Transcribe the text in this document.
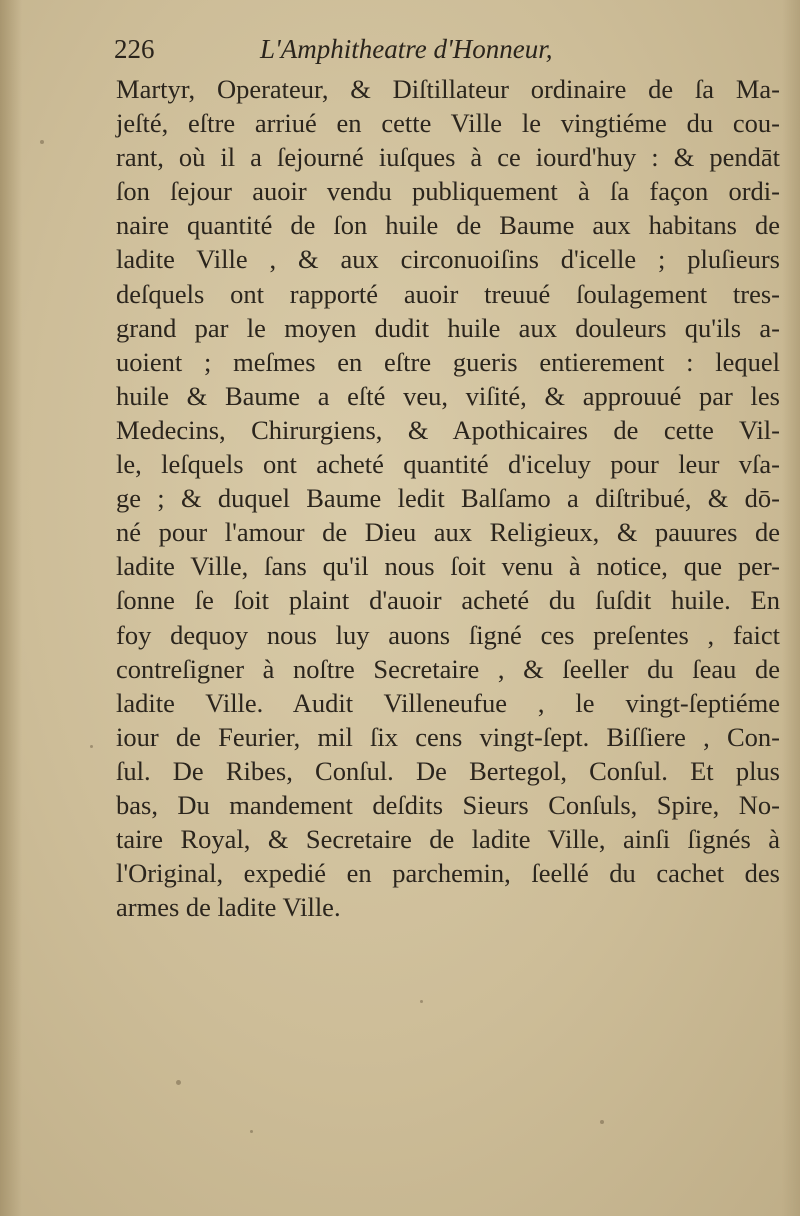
226	L'Amphitheatre d'Honneur,
Martyr, Operateur, & Diſtillateur ordinaire de ſa Ma-
jeſté, eſtre arriué en cette Ville le vingtiéme du cou-
rant, où il a ſejourné iuſques à ce iourd'huy : & pendāt
ſon ſejour auoir vendu publiquement à ſa façon ordi-
naire quantité de ſon huile de Baume aux habitans de
ladite Ville , & aux circonuoiſins d'icelle ; pluſieurs
deſquels ont rapporté auoir treuué ſoulagement tres-
grand par le moyen dudit huile aux douleurs qu'ils a-
uoient ; meſmes en eſtre gueris entierement : lequel
huile & Baume a eſté veu, viſité, & approuué par les
Medecins, Chirurgiens, & Apothicaires de cette Vil-
le, leſquels ont acheté quantité d'iceluy pour leur vſa-
ge ; & duquel Baume ledit Balſamo a diſtribué, & dō-
né pour l'amour de Dieu aux Religieux, & pauures de
ladite Ville, ſans qu'il nous ſoit venu à notice, que per-
ſonne ſe ſoit plaint d'auoir acheté du ſuſdit huile. En
foy dequoy nous luy auons ſigné ces preſentes , faict
contreſigner à noſtre Secretaire , & ſeeller du ſeau de
ladite Ville. Audit Villeneufue , le vingt-ſeptiéme
iour de Feurier, mil ſix cens vingt-ſept. Biſſiere , Con-
ſul. De Ribes, Conſul. De Bertegol, Conſul. Et plus
bas, Du mandement deſdits Sieurs Conſuls, Spire, No-
taire Royal, & Secretaire de ladite Ville, ainſi ſignés à
l'Original, expedié en parchemin, ſeellé du cachet des
armes de ladite Ville.
